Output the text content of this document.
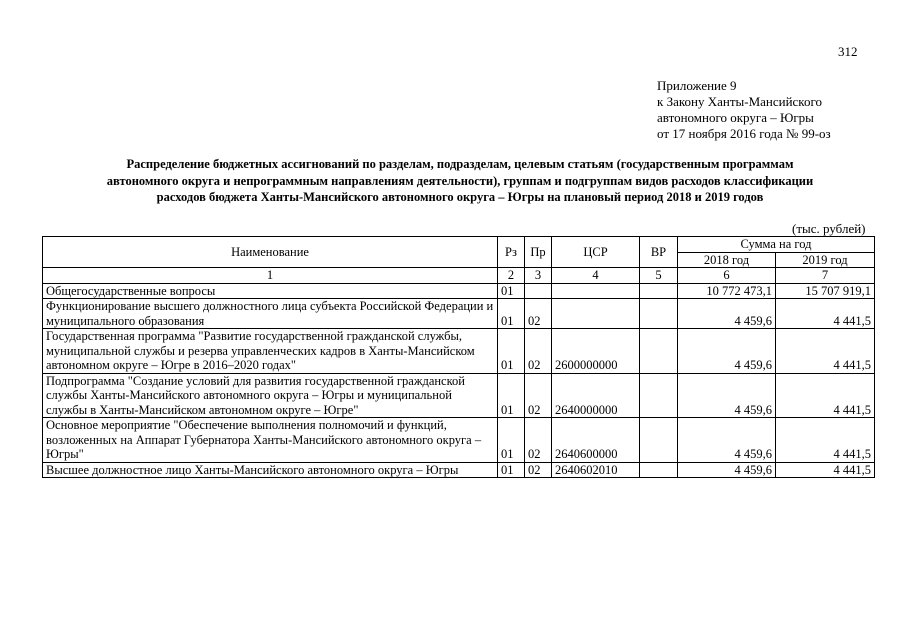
312
Приложение 9
к Закону Ханты-Мансийского
автономного округа – Югры
от 17 ноября 2016 года № 99-оз
Распределение бюджетных ассигнований по разделам, подразделам, целевым статьям (государственным программам
автономного округа и непрограммным направлениям деятельности), группам и подгруппам видов расходов классификации
расходов бюджета Ханты-Мансийского автономного округа – Югры на плановый период 2018 и 2019 годов
(тыс. рублей)
Наименование	Рз	Пр	ЦСР	ВР	Сумма на год	
					2018 год	2019 год
1	2	3	4	5	6	7
Общегосударственные вопросы	01				10 772 473,1	15 707 919,1
Функционирование высшего должностного лица субъекта Российской Федерации и муниципального образования	01	02			4 459,6	4 441,5
Государственная программа "Развитие государственной гражданской службы, муниципальной службы и резерва управленческих кадров в Ханты-Мансийском автономном округе – Югре в 2016–2020 годах"	01	02	2600000000		4 459,6	4 441,5
Подпрограмма "Создание условий для развития государственной гражданской службы Ханты-Мансийского автономного округа – Югры и муниципальной службы в Ханты-Мансийском автономном округе – Югре"	01	02	2640000000		4 459,6	4 441,5
Основное мероприятие "Обеспечение выполнения полномочий и функций, возложенных на Аппарат Губернатора Ханты-Мансийского автономного округа – Югры"	01	02	2640600000		4 459,6	4 441,5
Высшее должностное лицо Ханты-Мансийского автономного округа – Югры	01	02	2640602010		4 459,6	4 441,5
